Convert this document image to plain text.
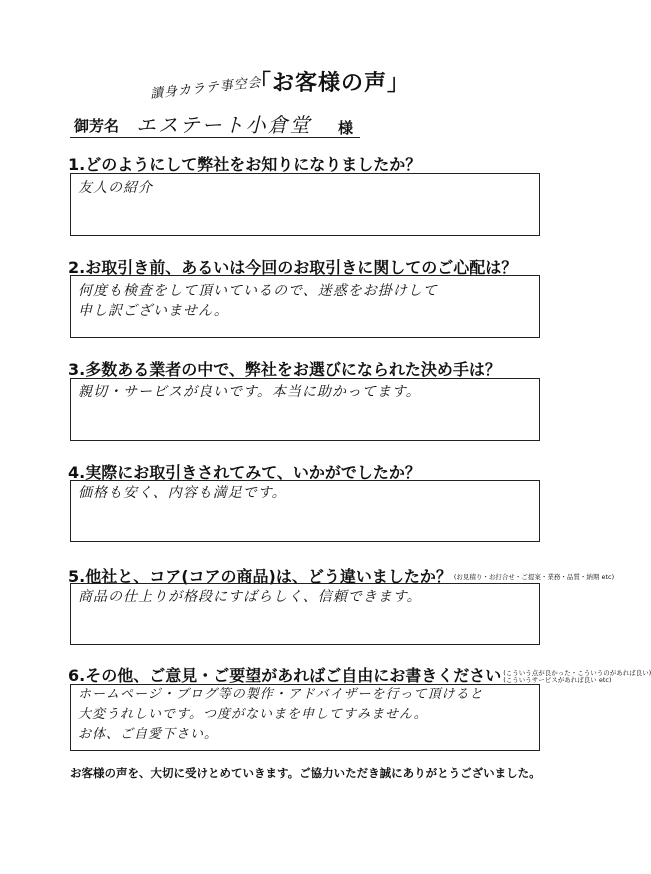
讀身カラテ事空会
「お客様の声」
御芳名 エステート小倉堂 様
1.どのようにして弊社をお知りになりましたか？
友人の紹介
2.お取引き前、あるいは今回のお取引きに関してのご心配は？
何度も検査をして頂いているので、迷惑をお掛けして
申し訳ございません。
3.多数ある業者の中で、弊社をお選びになられた決め手は？
親切・サービスが良いです。本当に助かってます。
4.実際にお取引きされてみて、いかがでしたか？
価格も安く、内容も満足です。
5.他社と、コア(コアの商品)は、どう違いましたか？ (お見積り・お打合せ・ご提案・業務・品質・納期 etc)
商品の仕上りが格段にすばらしく、信頼できます。
6.その他、ご意見・ご要望があればご自由にお書きください (こういう点が良かった・こういうのがあれば良い)
(こういうサービスがあれば良い etc)
ホームページ・ブログ等の製作・アドバイザーを行って頂けると
大変うれしいです。つ度がないまを申してすみません。
お体、ご自愛下さい。
お客様の声を、大切に受けとめていきます。ご協力いただき誠にありがとうございました。
